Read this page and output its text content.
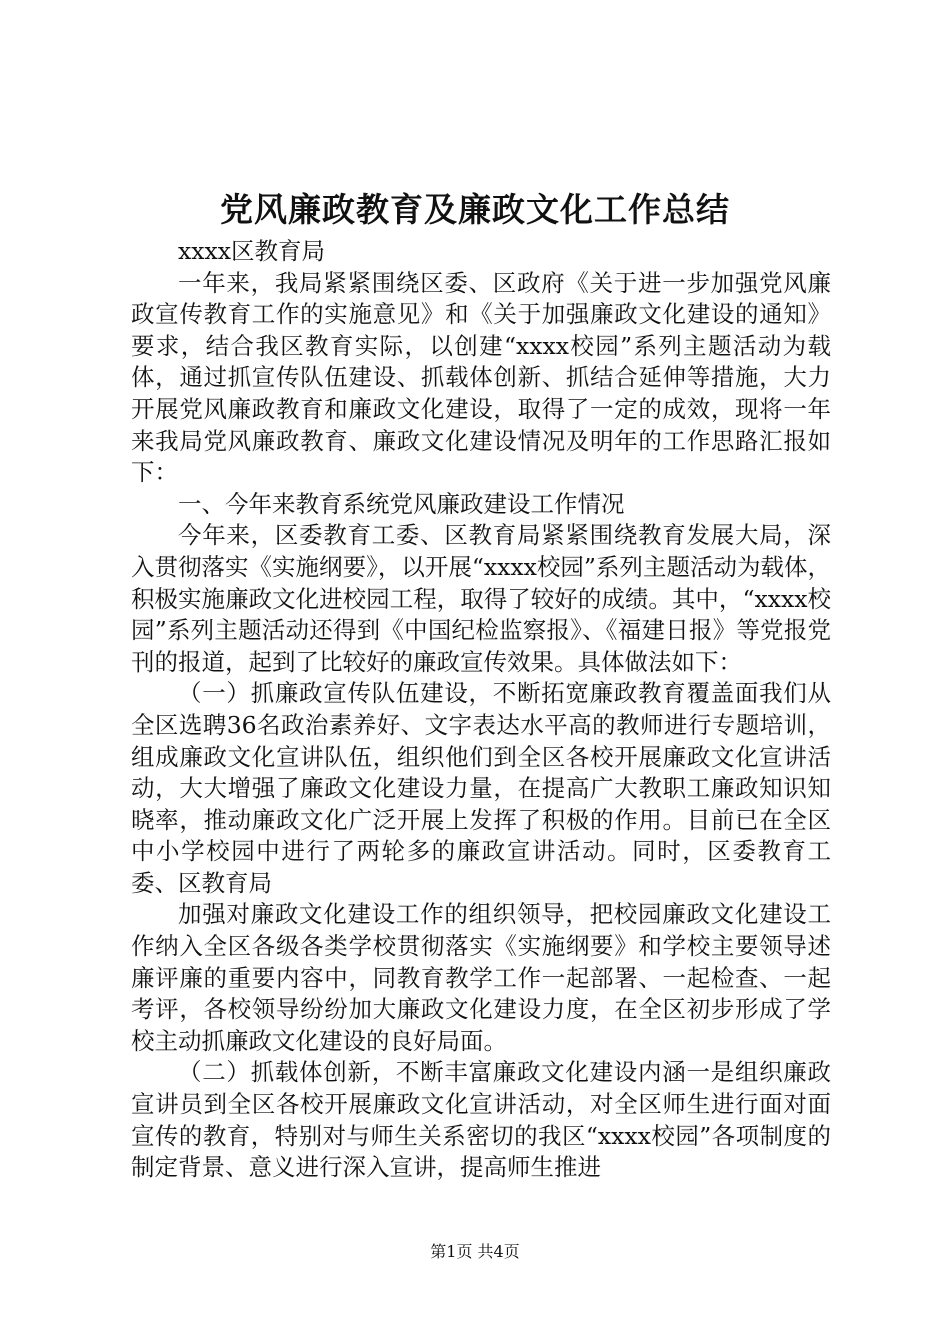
党风廉政教育及廉政文化工作总结

xxxx区教育局

一年来，我局紧紧围绕区委、区政府《关于进一步加强党风廉政宣传教育工作的实施意见》和《关于加强廉政文化建设的通知》要求，结合我区教育实际，以创建“xxxx校园”系列主题活动为载体，通过抓宣传队伍建设、抓载体创新、抓结合延伸等措施，大力开展党风廉政教育和廉政文化建设，取得了一定的成效，现将一年来我局党风廉政教育、廉政文化建设情况及明年的工作思路汇报如下：

一、今年来教育系统党风廉政建设工作情况

今年来，区委教育工委、区教育局紧紧围绕教育发展大局，深入贯彻落实《实施纲要》，以开展“xxxx校园”系列主题活动为载体，积极实施廉政文化进校园工程，取得了较好的成绩。其中，“xxxx校园”系列主题活动还得到《中国纪检监察报》、《福建日报》等党报党刊的报道，起到了比较好的廉政宣传效果。具体做法如下：

（一）抓廉政宣传队伍建设，不断拓宽廉政教育覆盖面我们从全区选聘36名政治素养好、文字表达水平高的教师进行专题培训，组成廉政文化宣讲队伍，组织他们到全区各校开展廉政文化宣讲活动，大大增强了廉政文化建设力量，在提高广大教职工廉政知识知晓率，推动廉政文化广泛开展上发挥了积极的作用。目前已在全区中小学校园中进行了两轮多的廉政宣讲活动。同时，区委教育工委、区教育局

加强对廉政文化建设工作的组织领导，把校园廉政文化建设工作纳入全区各级各类学校贯彻落实《实施纲要》和学校主要领导述廉评廉的重要内容中，同教育教学工作一起部署、一起检查、一起考评，各校领导纷纷加大廉政文化建设力度，在全区初步形成了学校主动抓廉政文化建设的良好局面。

（二）抓载体创新，不断丰富廉政文化建设内涵一是组织廉政宣讲员到全区各校开展廉政文化宣讲活动，对全区师生进行面对面宣传的教育，特别对与师生关系密切的我区“xxxx校园”各项制度的制定背景、意义进行深入宣讲，提高师生推进

第1页 共4页
